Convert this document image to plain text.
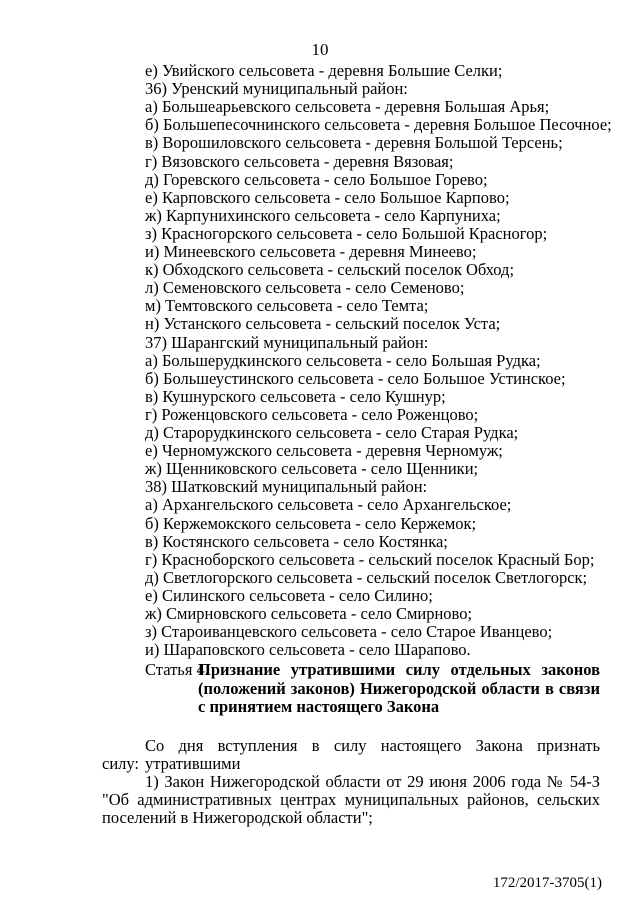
10
е) Увийского сельсовета - деревня Большие Селки;
36) Уренский муниципальный район:
а) Большеарьевского сельсовета - деревня Большая Арья;
б) Большепесочнинского сельсовета - деревня Большое Песочное;
в) Ворошиловского сельсовета - деревня Большой Терсень;
г) Вязовского сельсовета - деревня Вязовая;
д) Горевского сельсовета - село Большое Горево;
е) Карповского сельсовета - село Большое Карпово;
ж) Карпунихинского сельсовета - село Карпуниха;
з) Красногорского сельсовета - село Большой Красногор;
и) Минеевского сельсовета - деревня Минеево;
к) Обходского сельсовета - сельский поселок Обход;
л) Семеновского сельсовета - село Семеново;
м) Темтовского сельсовета - село Темта;
н) Устанского сельсовета - сельский поселок Уста;
37) Шарангский муниципальный район:
а) Большерудкинского сельсовета - село Большая Рудка;
б) Большеустинского сельсовета - село Большое Устинское;
в) Кушнурского сельсовета - село Кушнур;
г) Роженцовского сельсовета - село Роженцово;
д) Старорудкинского сельсовета - село Старая Рудка;
е) Черномужского сельсовета - деревня Черномуж;
ж) Щенниковского сельсовета - село Щенники;
38) Шатковский муниципальный район:
а) Архангельского сельсовета - село Архангельское;
б) Кержемокского сельсовета - село Кержемок;
в) Костянского сельсовета - село Костянка;
г) Красноборского сельсовета - сельский поселок Красный Бор;
д) Светлогорского сельсовета - сельский поселок Светлогорск;
е) Силинского сельсовета - село Силино;
ж) Смирновского сельсовета - село Смирново;
з) Староиванцевского сельсовета - село Старое Иванцево;
и) Шараповского сельсовета - село Шарапово.
Статья 4.
Признание утратившими силу отдельных законов (положений законов) Нижегородской области в связи с принятием настоящего Закона
Со дня вступления в силу настоящего Закона признать утратившими
силу:
1) Закон Нижегородской области от 29 июня 2006 года № 54-З
"Об административных центрах муниципальных районов, сельских
поселений в Нижегородской области";
172/2017-3705(1)
